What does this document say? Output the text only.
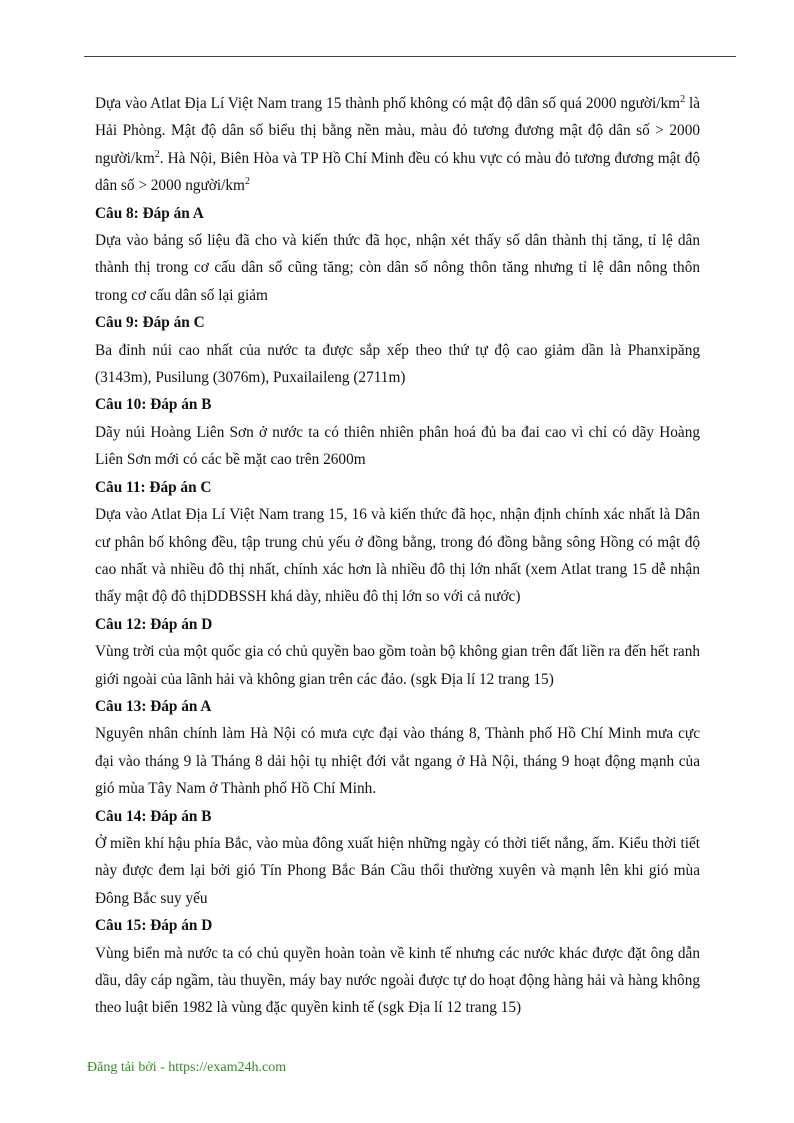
Dựa vào Atlat Địa Lí Việt Nam trang 15 thành phố không có mật độ dân số quá 2000 người/$km^2$ là Hải Phòng. Mật độ dân số biểu thị bằng nền màu, màu đỏ tương đương mật độ dân số > 2000 người/$km^2$. Hà Nội, Biên Hòa và TP Hồ Chí Minh đều có khu vực có màu đỏ tương đương mật độ dân số > 2000 người/$km^2$

Câu 8: Đáp án A

Dựa vào bảng số liệu đã cho và kiến thức đã học, nhận xét thấy số dân thành thị tăng, tỉ lệ dân thành thị trong cơ cấu dân số cũng tăng; còn dân số nông thôn tăng nhưng tỉ lệ dân nông thôn trong cơ cấu dân số lại giảm

Câu 9: Đáp án C

Ba đỉnh núi cao nhất của nước ta được sắp xếp theo thứ tự độ cao giảm dần là Phanxipăng (3143m), Pusilung (3076m), Puxailaileng (2711m)

Câu 10: Đáp án B

Dãy núi Hoàng Liên Sơn ở nước ta có thiên nhiên phân hoá đủ ba đai cao vì chỉ có dãy Hoàng Liên Sơn mới có các bề mặt cao trên 2600m

Câu 11: Đáp án C

Dựa vào Atlat Địa Lí Việt Nam trang 15, 16 và kiến thức đã học, nhận định chính xác nhất là Dân cư phân bố không đều, tập trung chủ yếu ở đồng bằng, trong đó đồng bằng sông Hồng có mật độ cao nhất và nhiều đô thị nhất, chính xác hơn là nhiều đô thị lớn nhất (xem Atlat trang 15 dễ nhận thấy mật độ đô thịDDBSSH khá dày, nhiều đô thị lớn so với cả nước)

Câu 12: Đáp án D

Vùng trời của một quốc gia có chủ quyền bao gồm toàn bộ không gian trên đất liền ra đến hết ranh giới ngoài của lãnh hải và không gian trên các đảo. (sgk Địa lí 12 trang 15)

Câu 13: Đáp án A

Nguyên nhân chính làm Hà Nội có mưa cực đại vào tháng 8, Thành phố Hồ Chí Minh mưa cực đại vào tháng 9 là Tháng 8 dải hội tụ nhiệt đới vắt ngang ở Hà Nội, tháng 9 hoạt động mạnh của gió mùa Tây Nam ở Thành phố Hồ Chí Minh.

Câu 14: Đáp án B

Ở miền khí hậu phía Bắc, vào mùa đông xuất hiện những ngày có thời tiết nắng, ấm. Kiểu thời tiết này được đem lại bởi gió Tín Phong Bắc Bán Cầu thổi thường xuyên và mạnh lên khi gió mùa Đông Bắc suy yếu

Câu 15: Đáp án D

Vùng biển mà nước ta có chủ quyền hoàn toàn về kinh tế nhưng các nước khác được đặt ông dẫn dầu, dây cáp ngầm, tàu thuyền, máy bay nước ngoài được tự do hoạt động hàng hải và hàng không theo luật biển 1982 là vùng đặc quyền kinh tế (sgk Địa lí 12 trang 15)

Đăng tải bởi - https://exam24h.com
